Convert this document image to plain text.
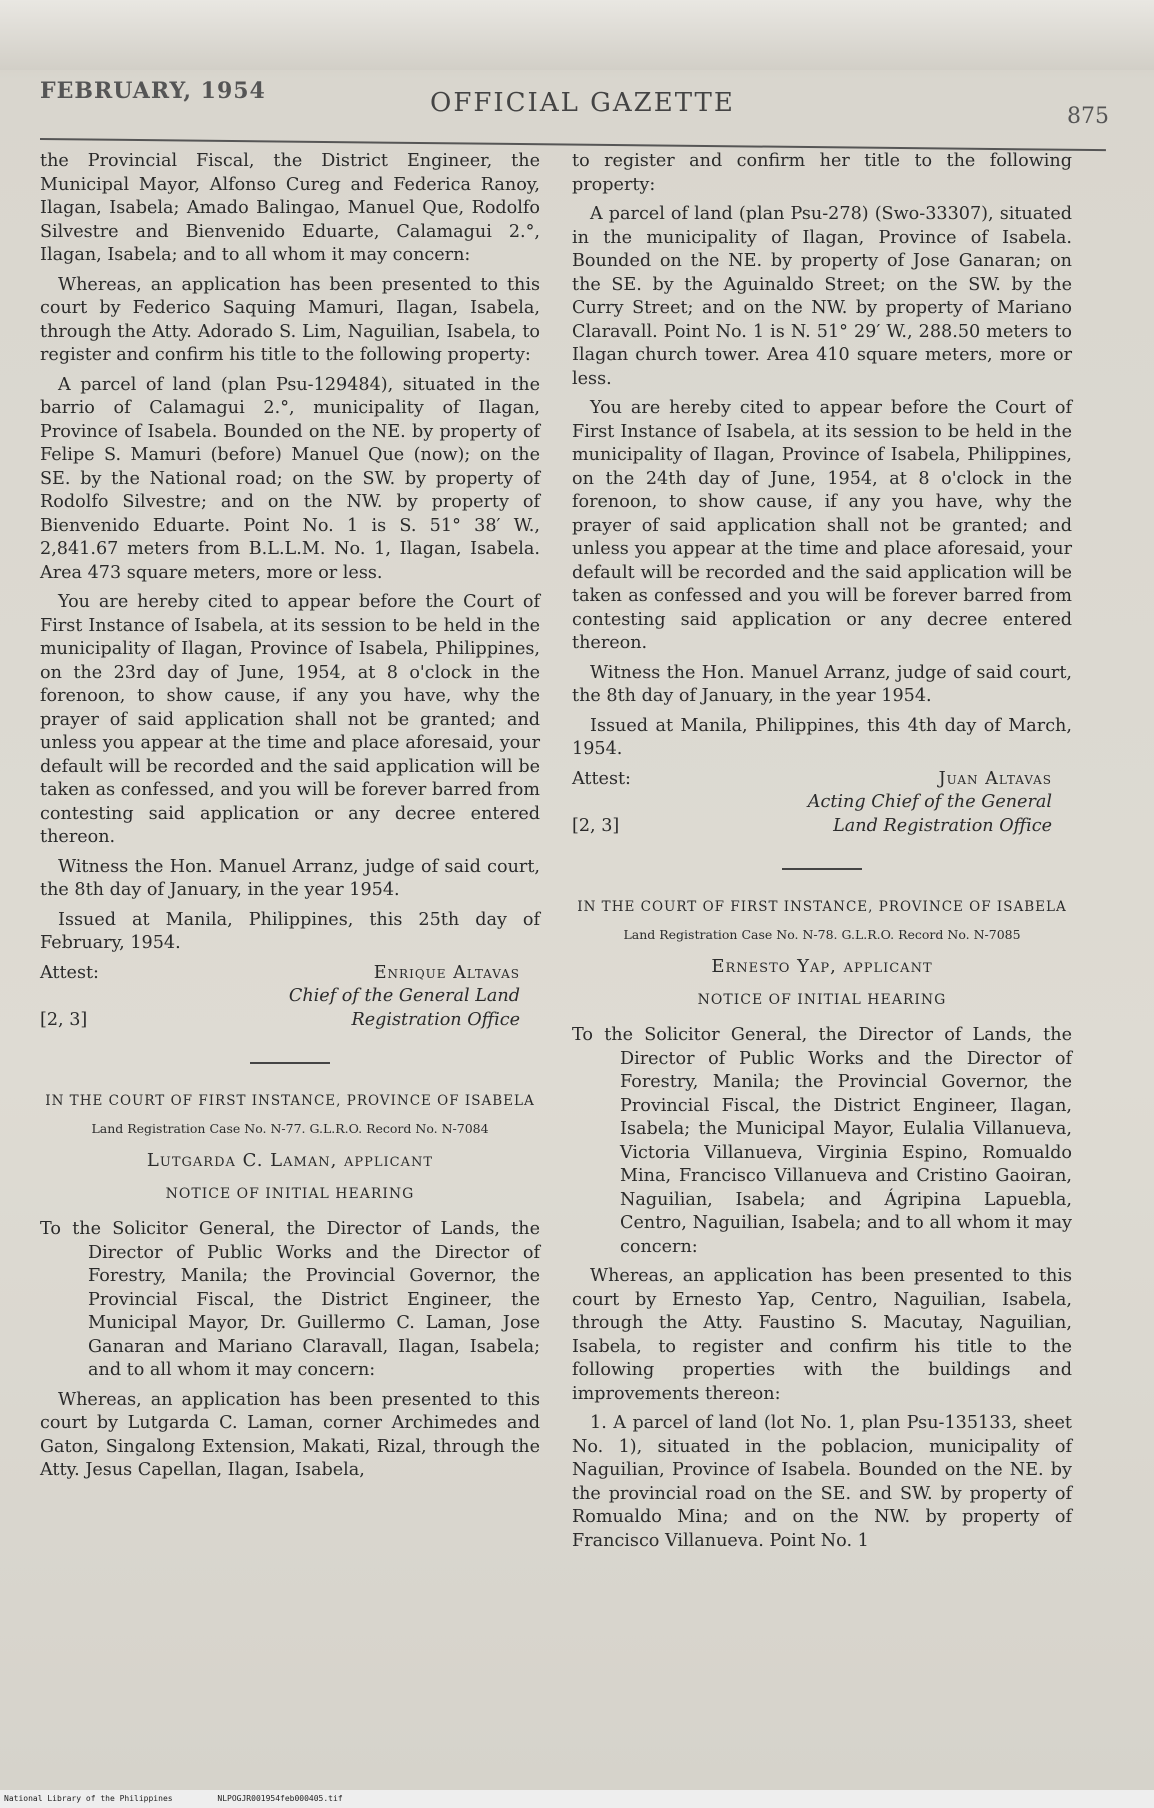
FEBRUARY, 1954	OFFICIAL GAZETTE	875

the Provincial Fiscal, the District Engineer, the Municipal Mayor, Alfonso Cureg and Federica Ranoy, Ilagan, Isabela; Amado Balingao, Manuel Que, Rodolfo Silvestre and Bienvenido Eduarte, Calamagui 2.°, Ilagan, Isabela; and to all whom it may concern:

Whereas, an application has been presented to this court by Federico Saquing Mamuri, Ilagan, Isabela, through the Atty. Adorado S. Lim, Naguilian, Isabela, to register and confirm his title to the following property:

A parcel of land (plan Psu-129484), situated in the barrio of Calamagui 2.°, municipality of Ilagan, Province of Isabela. Bounded on the NE. by property of Felipe S. Mamuri (before) Manuel Que (now); on the SE. by the National road; on the SW. by property of Rodolfo Silvestre; and on the NW. by property of Bienvenido Eduarte. Point No. 1 is S. 51° 38′ W., 2,841.67 meters from B.L.L.M. No. 1, Ilagan, Isabela. Area 473 square meters, more or less.

You are hereby cited to appear before the Court of First Instance of Isabela, at its session to be held in the municipality of Ilagan, Province of Isabela, Philippines, on the 23rd day of June, 1954, at 8 o'clock in the forenoon, to show cause, if any you have, why the prayer of said application shall not be granted; and unless you appear at the time and place aforesaid, your default will be recorded and the said application will be taken as confessed, and you will be forever barred from contesting said application or any decree entered thereon.

Witness the Hon. Manuel Arranz, judge of said court, the 8th day of January, in the year 1954.

Issued at Manila, Philippines, this 25th day of February, 1954.

Attest:	Enrique Altavas
Chief of the General Land
[2, 3]	Registration Office
IN THE COURT OF FIRST INSTANCE, PROVINCE OF ISABELA
Land Registration Case No. N-77. G.L.R.O. Record No. N-7084
Lutgarda C. Laman, applicant
NOTICE OF INITIAL HEARING

To the Solicitor General, the Director of Lands, the Director of Public Works and the Director of Forestry, Manila; the Provincial Governor, the Provincial Fiscal, the District Engineer, the Municipal Mayor, Dr. Guillermo C. Laman, Jose Ganaran and Mariano Claravall, Ilagan, Isabela; and to all whom it may concern:

Whereas, an application has been presented to this court by Lutgarda C. Laman, corner Archimedes and Gaton, Singalong Extension, Makati, Rizal, through the Atty. Jesus Capellan, Ilagan, Isabela,

to register and confirm her title to the following property:

A parcel of land (plan Psu-278) (Swo-33307), situated in the municipality of Ilagan, Province of Isabela. Bounded on the NE. by property of Jose Ganaran; on the SE. by the Aguinaldo Street; on the SW. by the Curry Street; and on the NW. by property of Mariano Claravall. Point No. 1 is N. 51° 29′ W., 288.50 meters to Ilagan church tower. Area 410 square meters, more or less.

You are hereby cited to appear before the Court of First Instance of Isabela, at its session to be held in the municipality of Ilagan, Province of Isabela, Philippines, on the 24th day of June, 1954, at 8 o'clock in the forenoon, to show cause, if any you have, why the prayer of said application shall not be granted; and unless you appear at the time and place aforesaid, your default will be recorded and the said application will be taken as confessed and you will be forever barred from contesting said application or any decree entered thereon.

Witness the Hon. Manuel Arranz, judge of said court, the 8th day of January, in the year 1954.

Issued at Manila, Philippines, this 4th day of March, 1954.

Attest:	Juan Altavas
Acting Chief of the General
[2, 3]	Land Registration Office
IN THE COURT OF FIRST INSTANCE, PROVINCE OF ISABELA
Land Registration Case No. N-78. G.L.R.O. Record No. N-7085
Ernesto Yap, applicant
NOTICE OF INITIAL HEARING

To the Solicitor General, the Director of Lands, the Director of Public Works and the Director of Forestry, Manila; the Provincial Governor, the Provincial Fiscal, the District Engineer, Ilagan, Isabela; the Municipal Mayor, Eulalia Villanueva, Victoria Villanueva, Virginia Espino, Romualdo Mina, Francisco Villanueva and Cristino Gaoiran, Naguilian, Isabela; and Ágripina Lapuebla, Centro, Naguilian, Isabela; and to all whom it may concern:

Whereas, an application has been presented to this court by Ernesto Yap, Centro, Naguilian, Isabela, through the Atty. Faustino S. Macutay, Naguilian, Isabela, to register and confirm his title to the following properties with the buildings and improvements thereon:

1. A parcel of land (lot No. 1, plan Psu-135133, sheet No. 1), situated in the poblacion, municipality of Naguilian, Province of Isabela. Bounded on the NE. by the provincial road on the SE. and SW. by property of Romualdo Mina; and on the NW. by property of Francisco Villanueva. Point No. 1

National Library of the Philippines	NLPOGJR001954feb000405.tif
